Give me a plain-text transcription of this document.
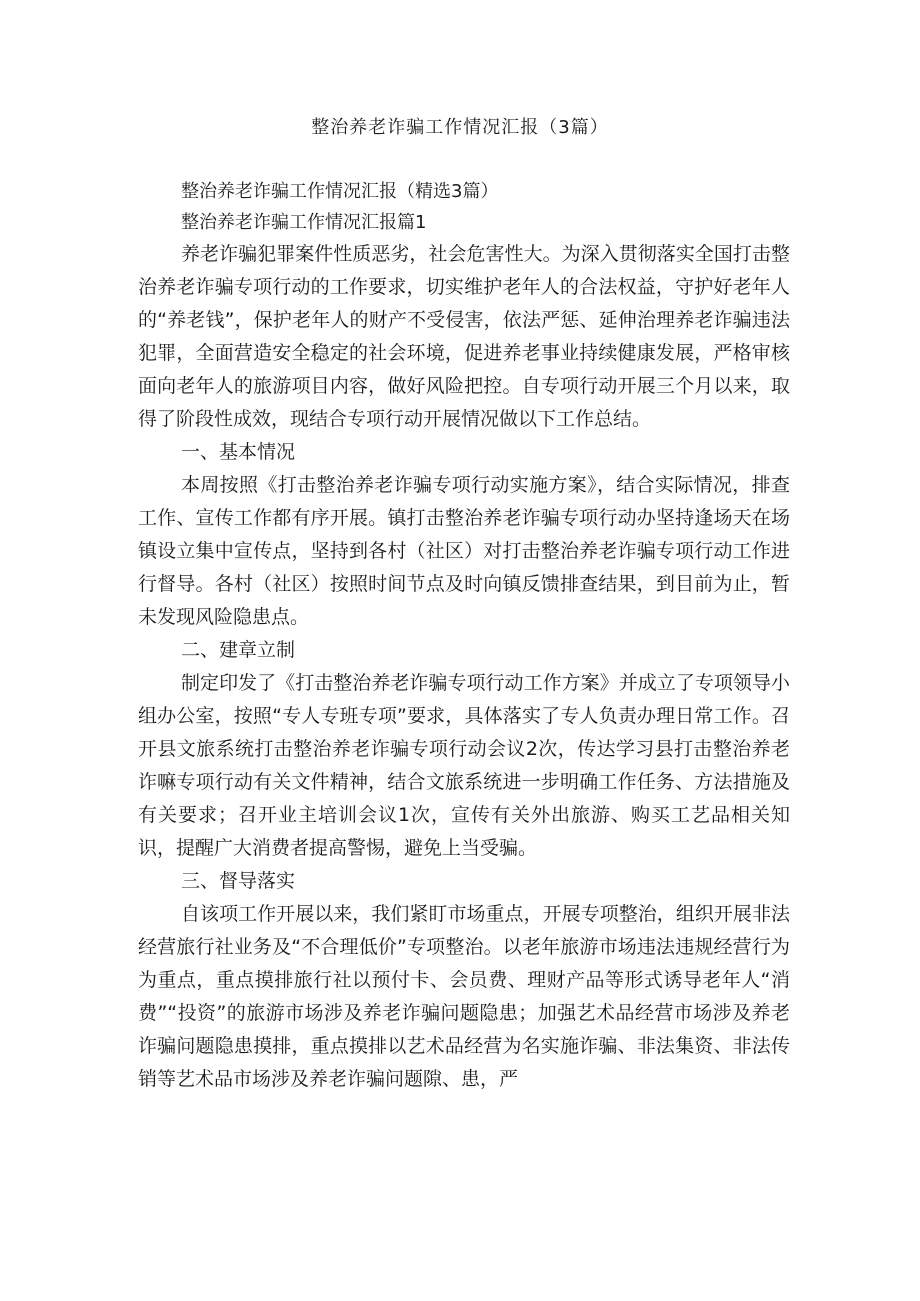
整治养老诈骗工作情况汇报（3篇）

整治养老诈骗工作情况汇报（精选3篇）

整治养老诈骗工作情况汇报篇1

养老诈骗犯罪案件性质恶劣，社会危害性大。为深入贯彻落实全国打击整治养老诈骗专项行动的工作要求，切实维护老年人的合法权益，守护好老年人的“养老钱”，保护老年人的财产不受侵害，依法严惩、延伸治理养老诈骗违法犯罪，全面营造安全稳定的社会环境，促进养老事业持续健康发展，严格审核面向老年人的旅游项目内容，做好风险把控。自专项行动开展三个月以来，取得了阶段性成效，现结合专项行动开展情况做以下工作总结。

一、基本情况

本周按照《打击整治养老诈骗专项行动实施方案》，结合实际情况，排查工作、宣传工作都有序开展。镇打击整治养老诈骗专项行动办坚持逢场天在场镇设立集中宣传点，坚持到各村（社区）对打击整治养老诈骗专项行动工作进行督导。各村（社区）按照时间节点及时向镇反馈排查结果，到目前为止，暂未发现风险隐患点。

二、建章立制

制定印发了《打击整治养老诈骗专项行动工作方案》并成立了专项领导小组办公室，按照“专人专班专项”要求，具体落实了专人负责办理日常工作。召开县文旅系统打击整治养老诈骗专项行动会议2次，传达学习县打击整治养老诈嘛专项行动有关文件精神，结合文旅系统进一步明确工作任务、方法措施及有关要求；召开业主培训会议1次，宣传有关外出旅游、购买工艺品相关知识，提醒广大消费者提高警惕，避免上当受骗。

三、督导落实

自该项工作开展以来，我们紧盯市场重点，开展专项整治，组织开展非法经营旅行社业务及“不合理低价”专项整治。以老年旅游市场违法违规经营行为为重点，重点摸排旅行社以预付卡、会员费、理财产品等形式诱导老年人“消费”“投资”的旅游市场涉及养老诈骗问题隐患；加强艺术品经营市场涉及养老诈骗问题隐患摸排，重点摸排以艺术品经营为名实施诈骗、非法集资、非法传销等艺术品市场涉及养老诈骗问题隙、患，严
